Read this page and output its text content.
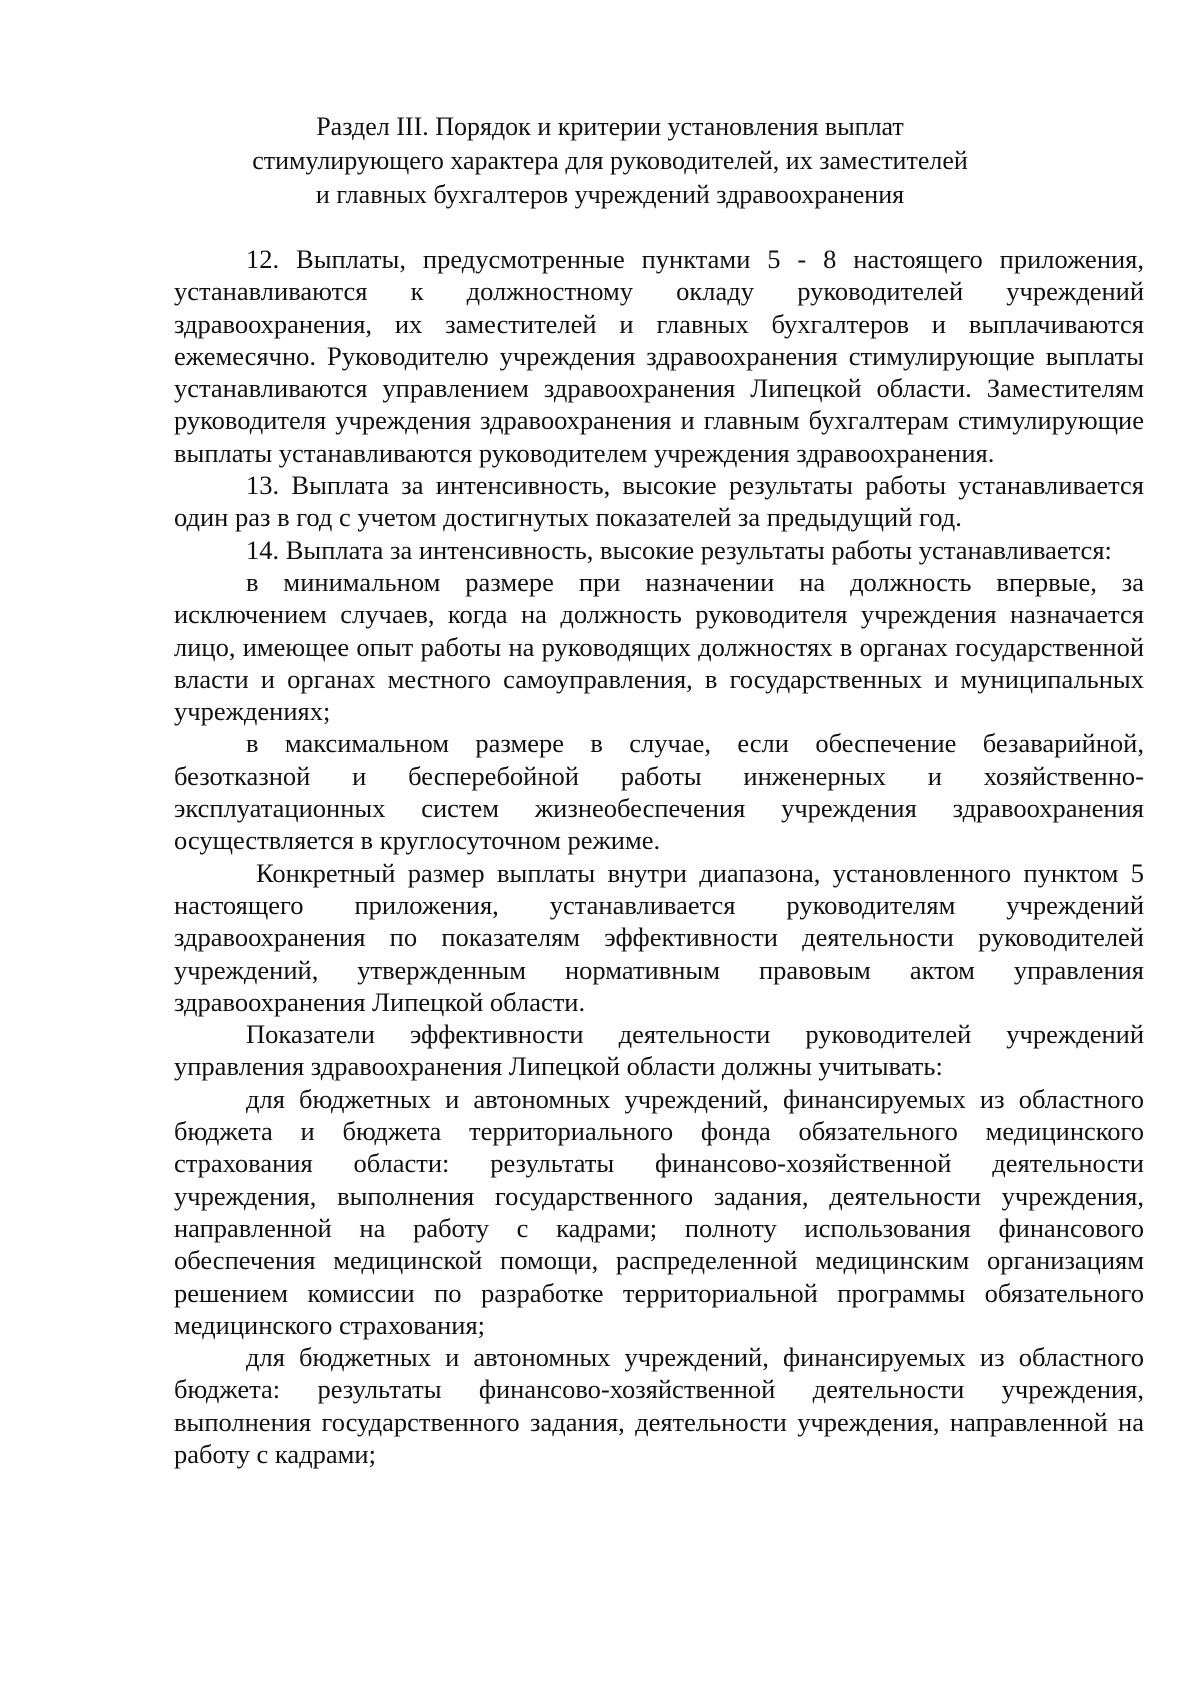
Раздел III. Порядок и критерии установления выплат
стимулирующего характера для руководителей, их заместителей
и главных бухгалтеров учреждений здравоохранения

12. Выплаты, предусмотренные пунктами 5 - 8 настоящего приложения, устанавливаются к должностному окладу руководителей учреждений здравоохранения, их заместителей и главных бухгалтеров и выплачиваются ежемесячно. Руководителю учреждения здравоохранения стимулирующие выплаты устанавливаются управлением здравоохранения Липецкой области. Заместителям руководителя учреждения здравоохранения и главным бухгалтерам стимулирующие выплаты устанавливаются руководителем учреждения здравоохранения.

13. Выплата за интенсивность, высокие результаты работы устанавливается один раз в год с учетом достигнутых показателей за предыдущий год.

14. Выплата за интенсивность, высокие результаты работы устанавливается:

в минимальном размере при назначении на должность впервые, за исключением случаев, когда на должность руководителя учреждения назначается лицо, имеющее опыт работы на руководящих должностях в органах государственной власти и органах местного самоуправления, в государственных и муниципальных учреждениях;

в максимальном размере в случае, если обеспечение безаварийной, безотказной и бесперебойной работы инженерных и хозяйственно-эксплуатационных систем жизнеобеспечения учреждения здравоохранения осуществляется в круглосуточном режиме.

Конкретный размер выплаты внутри диапазона, установленного пунктом 5 настоящего приложения, устанавливается руководителям учреждений здравоохранения по показателям эффективности деятельности руководителей учреждений, утвержденным нормативным правовым актом управления здравоохранения Липецкой области.

Показатели эффективности деятельности руководителей учреждений управления здравоохранения Липецкой области должны учитывать:

для бюджетных и автономных учреждений, финансируемых из областного бюджета и бюджета территориального фонда обязательного медицинского страхования области: результаты финансово-хозяйственной деятельности учреждения, выполнения государственного задания, деятельности учреждения, направленной на работу с кадрами; полноту использования финансового обеспечения медицинской помощи, распределенной медицинским организациям решением комиссии по разработке территориальной программы обязательного медицинского страхования;

для бюджетных и автономных учреждений, финансируемых из областного бюджета: результаты финансово-хозяйственной деятельности учреждения, выполнения государственного задания, деятельности учреждения, направленной на работу с кадрами;
